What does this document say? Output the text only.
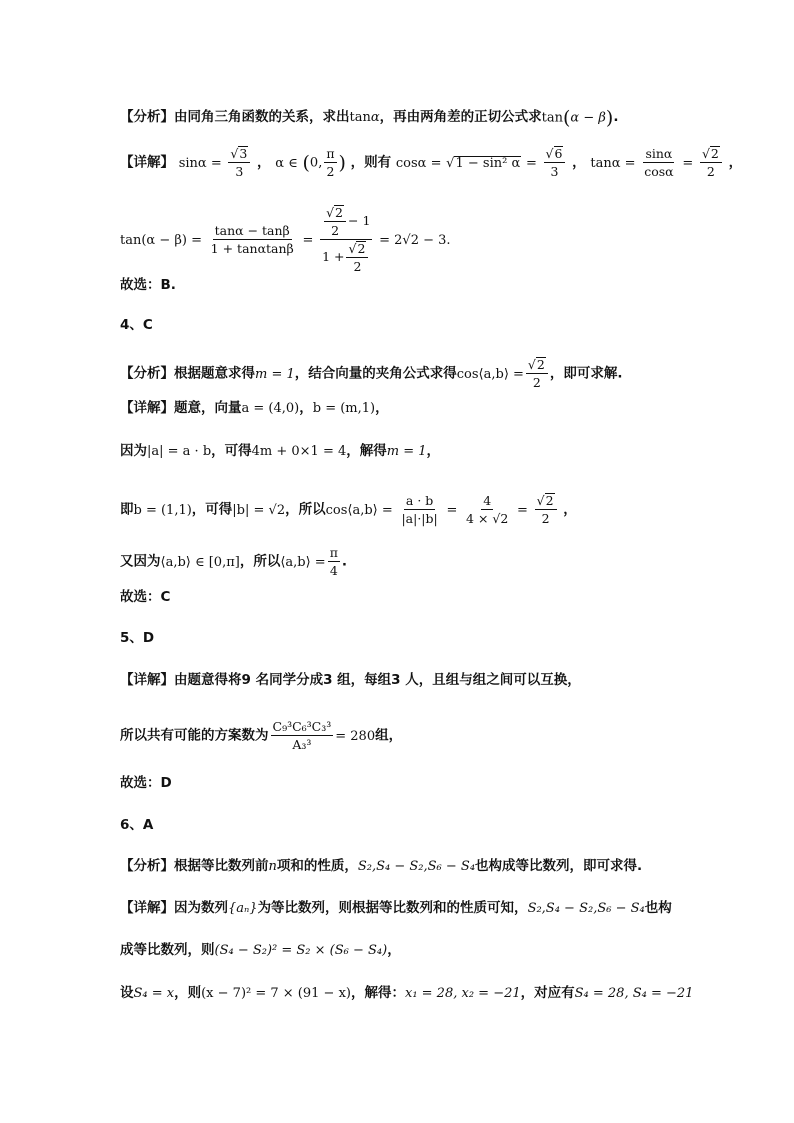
【分析】由同角三角函数的关系，求出tanα，再由两角差的正切公式求tan(α − β).
【详解】 $\sin\alpha = \frac{√3}{3}$ ， α ∈ (0, $\frac{\pi}{2}$ ) ，则有 cosα = √1 − sin² $\alpha = \frac{√6}{3}$ ， $\tan\alpha = \frac{\sin\alpha}{\cos\alpha} = \frac{√2}{2}$ ，
$\tan(\alpha - \beta) = \frac{\tan\alpha - \tan\beta}{1 + \tan\alpha\tan\beta} = \frac{\frac{√2}{2} - 1}{1 + \frac{√2}{2}} = 2√2 - 3$.
故选：B.
4、C
【分析】根据题意求得m = 1，结合向量的夹角公式求得cos⟨a,b⟩ = $\frac{√2}{2}$ ，即可求解.
【详解】题意，向量a = (4,0)，b = (m,1)，
因为|a| = a · b，可得4m + 0×1 = 4，解得m = 1，
即b = (1,1)，可得|b| = √2，所以cos⟨a,b⟩ = $\frac{a \cdot b}{|a|\cdot|b|} = \frac{4}{4 \times √2} = \frac{√2}{2}$ ，
又因为⟨a,b⟩ ∈ [0,π]，所以⟨a,b⟩ = $\frac{\pi}{4}$ .
故选：C
5、D
【详解】由题意得将9 名同学分成3 组，每组3 人，且组与组之间可以互换，
所以共有可能的方案数为 $\frac{\text{C₉³C₆³C₃³}}{\text{A₃³}} = 280$组，
故选：D
6、A
【分析】根据等比数列前n项和的性质，S₂,S₄ − S₂,S₆ − S₄也构成等比数列，即可求得.
【详解】因为数列{aₙ}为等比数列，则根据等比数列和的性质可知，S₂,S₄ − S₂,S₆ − S₄也构
成等比数列，则(S₄ − S₂)² = S₂ × (S₆ − S₄)，
设S₄ = x，则(x − 7)² = 7 × (91 − x)，解得：x₁ = 28, x₂ = −21，对应有S₄ = 28, S₄ = −21
